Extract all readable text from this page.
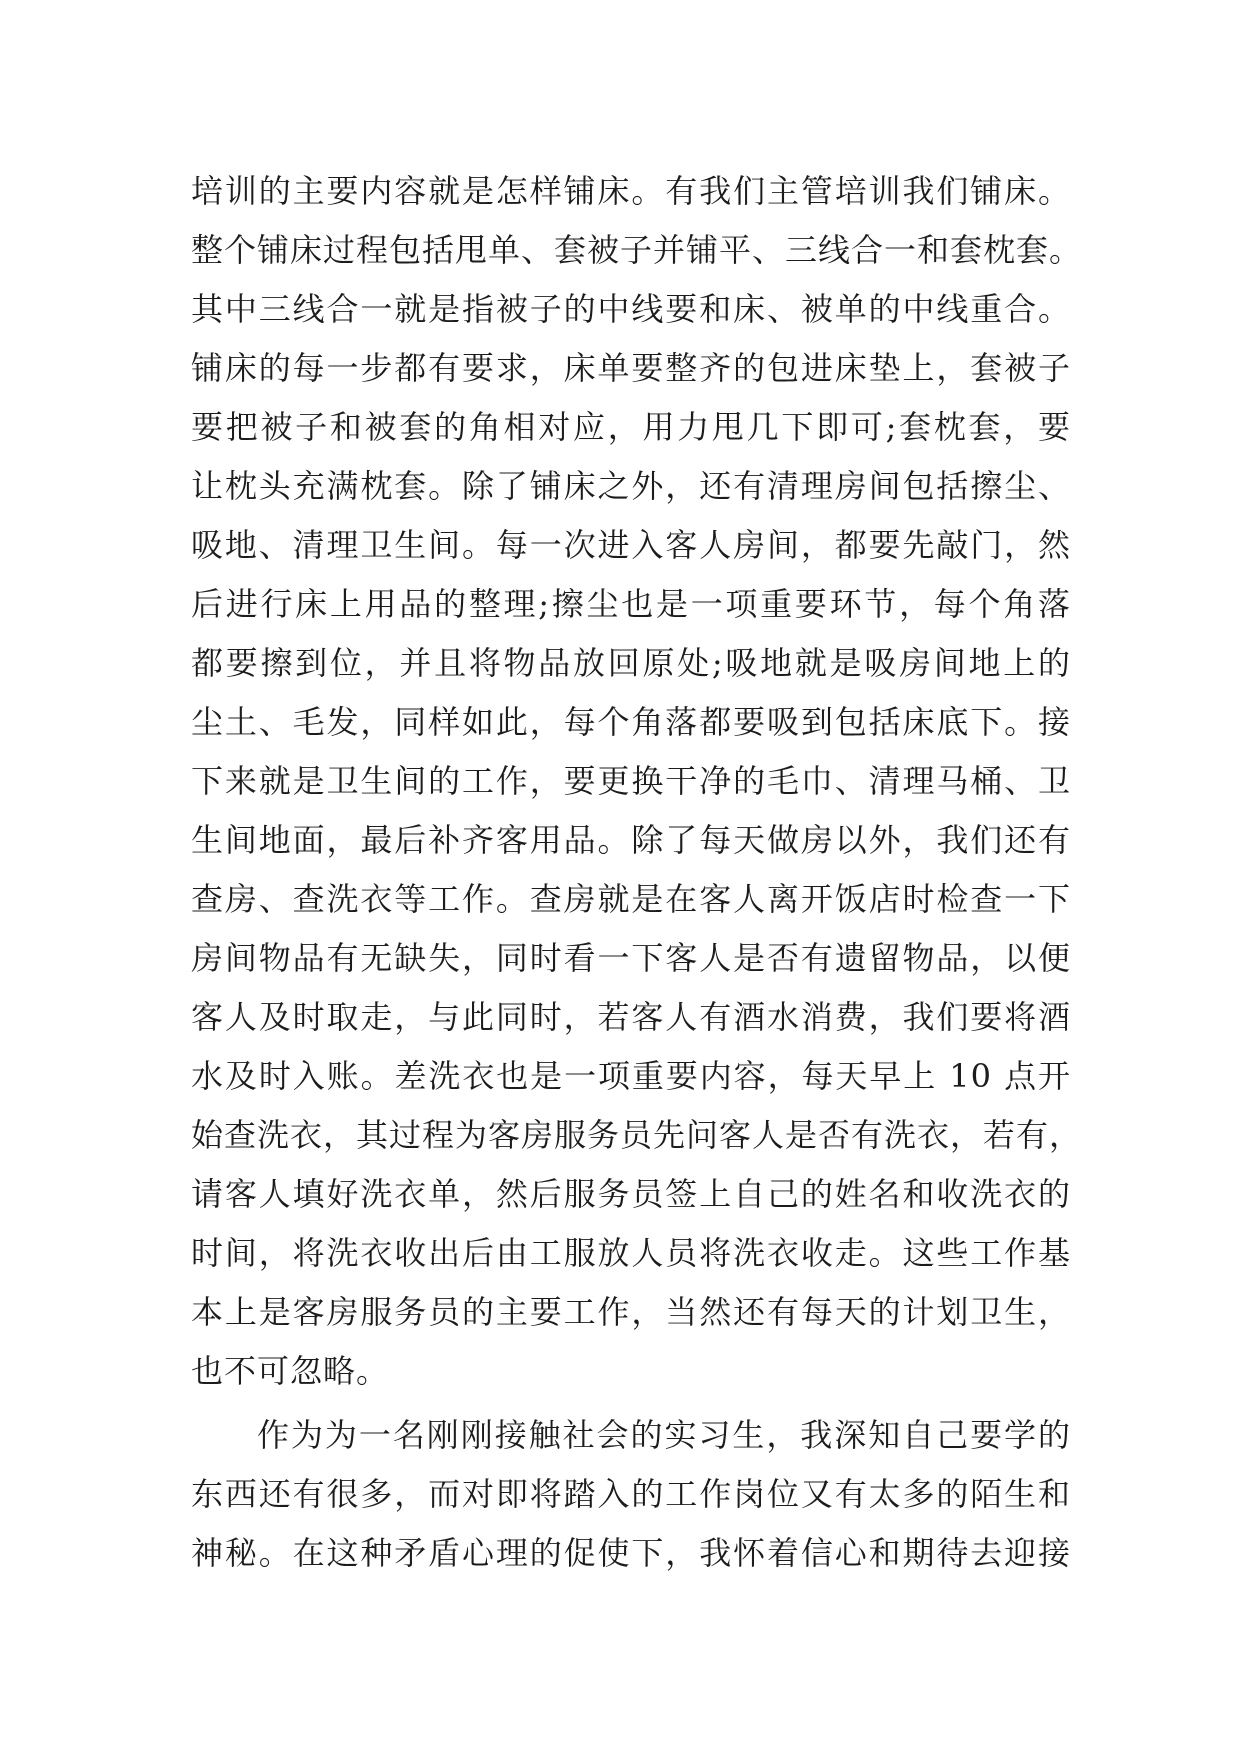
培训的主要内容就是怎样铺床。有我们主管培训我们铺床。
整个铺床过程包括甩单、套被子并铺平、三线合一和套枕套。
其中三线合一就是指被子的中线要和床、被单的中线重合。
铺床的每一步都有要求，床单要整齐的包进床垫上，套被子
要把被子和被套的角相对应，用力甩几下即可;套枕套，要
让枕头充满枕套。除了铺床之外，还有清理房间包括擦尘、
吸地、清理卫生间。每一次进入客人房间，都要先敲门，然
后进行床上用品的整理;擦尘也是一项重要环节，每个角落
都要擦到位，并且将物品放回原处;吸地就是吸房间地上的
尘土、毛发，同样如此，每个角落都要吸到包括床底下。接
下来就是卫生间的工作，要更换干净的毛巾、清理马桶、卫
生间地面，最后补齐客用品。除了每天做房以外，我们还有
查房、查洗衣等工作。查房就是在客人离开饭店时检查一下
房间物品有无缺失，同时看一下客人是否有遗留物品，以便
客人及时取走，与此同时，若客人有酒水消费，我们要将酒
水及时入账。差洗衣也是一项重要内容，每天早上 10 点开
始查洗衣，其过程为客房服务员先问客人是否有洗衣，若有，
请客人填好洗衣单，然后服务员签上自己的姓名和收洗衣的
时间，将洗衣收出后由工服放人员将洗衣收走。这些工作基
本上是客房服务员的主要工作，当然还有每天的计划卫生，
也不可忽略。
作为为一名刚刚接触社会的实习生，我深知自己要学的
东西还有很多，而对即将踏入的工作岗位又有太多的陌生和
神秘。在这种矛盾心理的促使下，我怀着信心和期待去迎接
